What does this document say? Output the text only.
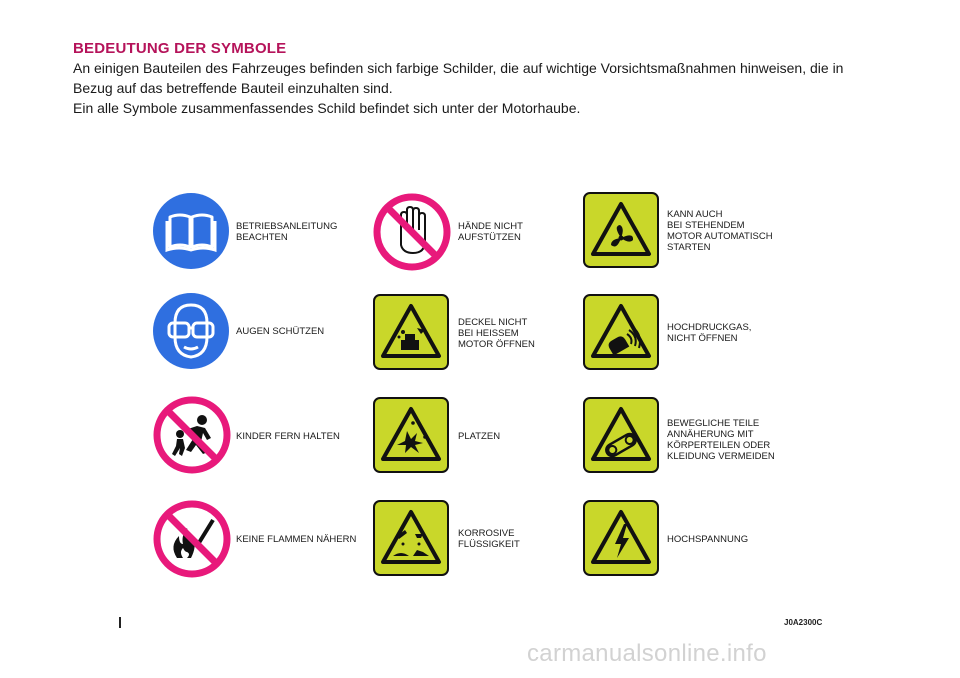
BEDEUTUNG DER SYMBOLE
An einigen Bauteilen des Fahrzeuges befinden sich farbige Schilder, die auf wichtige Vorsichtsmaßnahmen hinweisen, die in Bezug auf das betreffende Bauteil einzuhalten sind.
Ein alle Symbole zusammenfassendes Schild befindet sich unter der Motorhaube.
BETRIEBSANLEITUNG
BEACHTEN
HÄNDE NICHT
AUFSTÜTZEN
KANN AUCH
BEI STEHENDEM
MOTOR AUTOMATISCH
STARTEN
AUGEN SCHÜTZEN
DECKEL NICHT
BEI HEISSEM
MOTOR ÖFFNEN
HOCHDRUCKGAS,
NICHT ÖFFNEN
KINDER FERN HALTEN	PLATZEN
BEWEGLICHE TEILE
ANNÄHERUNG MIT
KÖRPERTEILEN ODER
KLEIDUNG VERMEIDEN
KEINE FLAMMEN NÄHERN
KORROSIVE
FLÜSSIGKEIT	HOCHSPANNUNG
J0A2300C
carmanualsonline.info
